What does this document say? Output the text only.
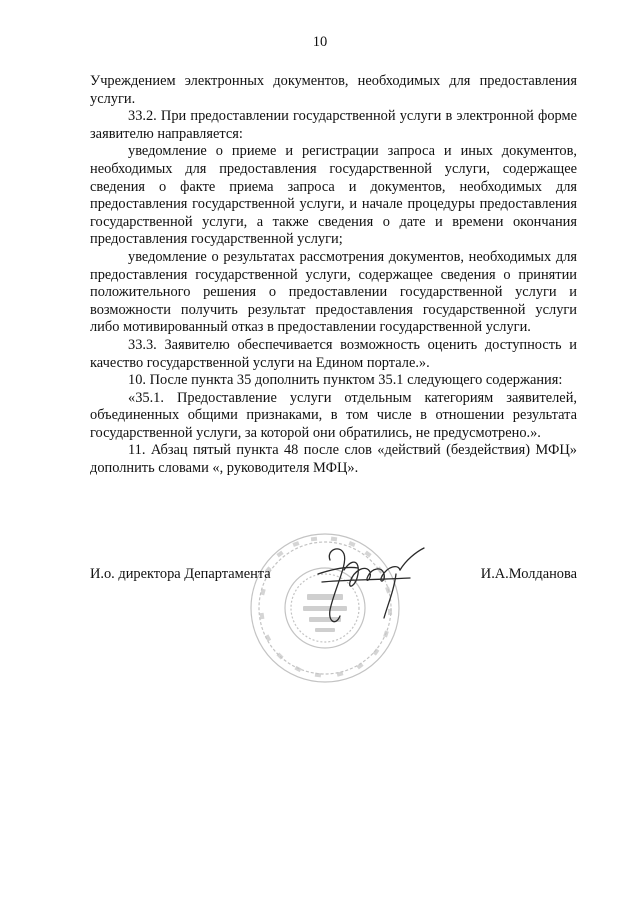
10

Учреждением электронных документов, необходимых для предоставления услуги.

33.2. При предоставлении государственной услуги в электронной форме заявителю направляется:

уведомление о приеме и регистрации запроса и иных документов, необходимых для предоставления государственной услуги, содержащее сведения о факте приема запроса и документов, необходимых для предоставления государственной услуги, и начале процедуры предоставления государственной услуги, а также сведения о дате и времени окончания предоставления государственной услуги;

уведомление о результатах рассмотрения документов, необходимых для предоставления государственной услуги, содержащее сведения о принятии положительного решения о предоставлении государственной услуги и возможности получить результат предоставления государственной услуги либо мотивированный отказ в предоставлении государственной услуги.

33.3. Заявителю обеспечивается возможность оценить доступность и качество государственной услуги на Едином портале.».

10. После пункта 35 дополнить пунктом 35.1 следующего содержания:

«35.1. Предоставление услуги отдельным категориям заявителей, объединенных общими признаками, в том числе в отношении результата государственной услуги, за которой они обратились, не предусмотрено.».

11. Абзац пятый пункта 48 после слов «действий (бездействия) МФЦ» дополнить словами «, руководителя МФЦ».

И.о. директора Департамента	И.А.Молданова
